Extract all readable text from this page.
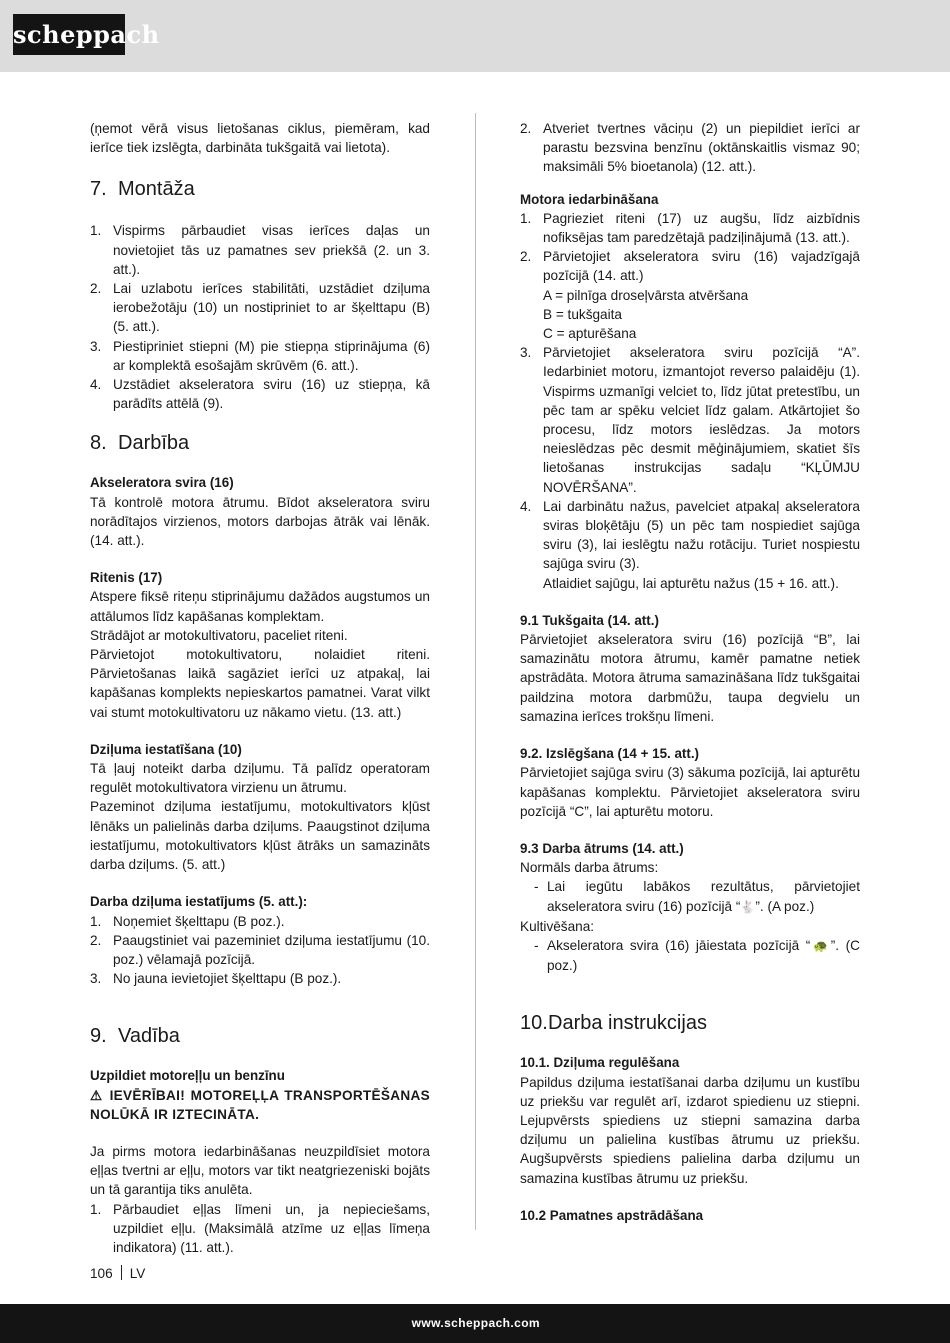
scheppach

(ņemot vērā visus lietošanas ciklus, piemēram, kad ierīce tiek izslēgta, darbināta tukšgaitā vai lietota).

7. Montāža
1. Vispirms pārbaudiet visas ierīces daļas un novietojiet tās uz pamatnes sev priekšā (2. un 3. att.).
2. Lai uzlabotu ierīces stabilitāti, uzstādiet dziļuma ierobežotāju (10) un nostipriniet to ar šķelttapu (B) (5. att.).
3. Piestipriniet stiepni (M) pie stiepņa stiprinājuma (6) ar komplektā esošajām skrūvēm (6. att.).
4. Uzstādiet akseleratora sviru (16) uz stiepņa, kā parādīts attēlā (9).
8. Darbība

Akseleratora svira (16)

Tā kontrolē motora ātrumu. Bīdot akseleratora sviru norādītajos virzienos, motors darbojas ātrāk vai lēnāk. (14. att.).

Ritenis (17)

Atspere fiksē riteņu stiprinājumu dažādos augstumos un attālumos līdz kapāšanas komplektam.

Strādājot ar motokultivatoru, paceliet riteni.

Pārvietojot motokultivatoru, nolaidiet riteni. Pārvietošanas laikā sagāziet ierīci uz atpakaļ, lai kapāšanas komplekts nepieskartos pamatnei. Varat vilkt vai stumt motokultivatoru uz nākamo vietu. (13. att.)

Dziļuma iestatīšana (10)

Tā ļauj noteikt darba dziļumu. Tā palīdz operatoram regulēt motokultivatora virzienu un ātrumu.

Pazeminot dziļuma iestatījumu, motokultivators kļūst lēnāks un palielinās darba dziļums. Paaugstinot dziļuma iestatījumu, motokultivators kļūst ātrāks un samazināts darba dziļums. (5. att.)

Darba dziļuma iestatījums (5. att.):

1. Noņemiet šķelttapu (B poz.).
2. Paaugstiniet vai pazeminiet dziļuma iestatījumu (10. poz.) vēlamajā pozīcijā.
3. No jauna ievietojiet šķelttapu (B poz.).
9. Vadība

Uzpildiet motoreļļu un benzīnu

⚠ IEVĒRĪBAI! MOTOREĻĻA TRANSPORTĒŠANAS NOLŪKĀ IR IZTECINĀTA.

Ja pirms motora iedarbināšanas neuzpildīsiet motora eļļas tvertni ar eļļu, motors var tikt neatgriezeniski bojāts un tā garantija tiks anulēta.

1. Pārbaudiet eļļas līmeni un, ja nepieciešams, uzpildiet eļļu. (Maksimālā atzīme uz eļļas līmeņa indikatora) (11. att.).
2. Atveriet tvertnes vāciņu (2) un piepildiet ierīci ar parastu bezsvina benzīnu (oktānskaitlis vismaz 90; maksimāli 5% bioetanola) (12. att.).

Motora iedarbināšana

1. Pagrieziet riteni (17) uz augšu, līdz aizbīdnis nofiksējas tam paredzētajā padziļinājumā (13. att.).
2. Pārvietojiet akseleratora sviru (16) vajadzīgajā pozīcijā (14. att.)
A = pilnīga droseļvārsta atvēršana
B = tukšgaita
C = apturēšana
3. Pārvietojiet akseleratora sviru pozīcijā “A”. Iedarbiniet motoru, izmantojot reverso palaidēju (1). Vispirms uzmanīgi velciet to, līdz jūtat pretestību, un pēc tam ar spēku velciet līdz galam. Atkārtojiet šo procesu, līdz motors ieslēdzas. Ja motors neieslēdzas pēc desmit mēģinājumiem, skatiet šīs lietošanas instrukcijas sadaļu “KĻŪMJU NOVĒRŠANA”.
4. Lai darbinātu nažus, pavelciet atpakaļ akseleratora sviras bloķētāju (5) un pēc tam nospiediet sajūga sviru (3), lai ieslēgtu nažu rotāciju. Turiet nospiestu sajūga sviru (3).
Atlaidiet sajūgu, lai apturētu nažus (15 + 16. att.).

9.1 Tukšgaita (14. att.)

Pārvietojiet akseleratora sviru (16) pozīcijā “B”, lai samazinātu motora ātrumu, kamēr pamatne netiek apstrādāta. Motora ātruma samazināšana līdz tukšgaitai paildzina motora darbmūžu, taupa degvielu un samazina ierīces trokšņu līmeni.

9.2. Izslēgšana (14 + 15. att.)

Pārvietojiet sajūga sviru (3) sākuma pozīcijā, lai apturētu kapāšanas komplektu. Pārvietojiet akseleratora sviru pozīcijā “C”, lai apturētu motoru.

9.3 Darba ātrums (14. att.)

Normāls darba ātrums:

- Lai iegūtu labākos rezultātus, pārvietojiet akseleratora sviru (16) pozīcijā “🐇”. (A poz.)

Kultivēšana:

- Akseleratora svira (16) jāiestata pozīcijā “🐢”. (C poz.)
10.Darba instrukcijas

10.1. Dziļuma regulēšana

Papildus dziļuma iestatīšanai darba dziļumu un kustību uz priekšu var regulēt arī, izdarot spiedienu uz stiepni. Lejupvērsts spiediens uz stiepni samazina darba dziļumu un palielina kustības ātrumu uz priekšu. Augšupvērsts spiediens palielina darba dziļumu un samazina kustības ātrumu uz priekšu.

10.2 Pamatnes apstrādāšana

106 LV
www.scheppach.com
